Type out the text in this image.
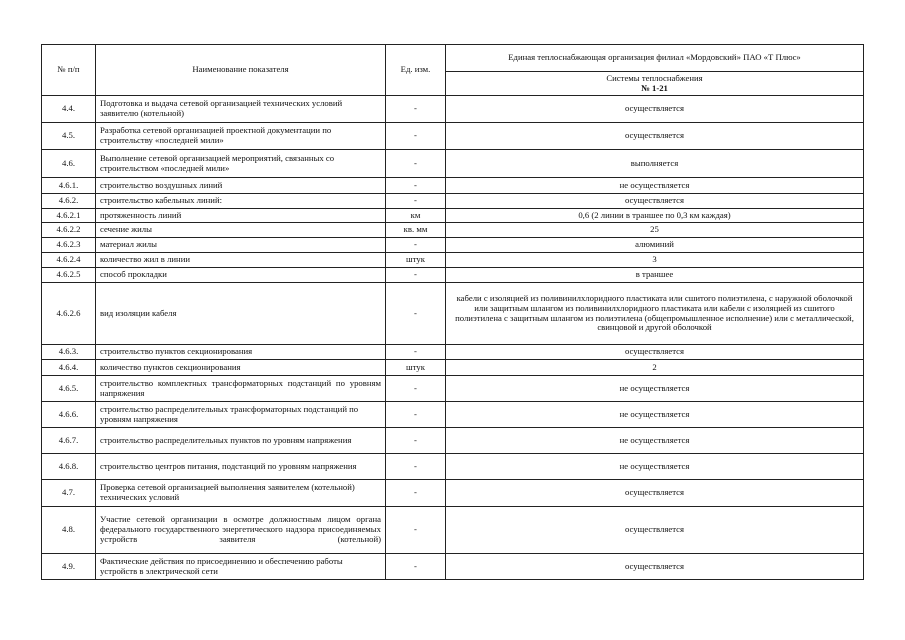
№ п/п	Наименование показателя	Ед. изм.	Единая теплоснабжающая организация филиал «Мордовский» ПАО «Т Плюс»
			Системы теплоснабжения
№ 1-21
4.4.	Подготовка и выдача сетевой организацией технических условий заявителю (котельной)	-	осуществляется
4.5.	Разработка сетевой организацией проектной документации по строительству «последней мили»	-	осуществляется
4.6.	Выполнение сетевой организацией мероприятий, связанных со строительством «последней мили»	-	выполняется
4.6.1.	строительство воздушных линий	-	не осуществляется
4.6.2.	строительство кабельных линий:	-	осуществляется
4.6.2.1	протяженность линий	км	0,6 (2 линии в траншее по 0,3 км каждая)
4.6.2.2	сечение жилы	кв. мм	25
4.6.2.3	материал жилы	-	алюминий
4.6.2.4	количество жил в линии	штук	3
4.6.2.5	способ прокладки	-	в траншее
4.6.2.6	вид изоляции кабеля	-	кабели с изоляцией из поливинилхлоридного пластиката или сшитого полиэтилена, с наружной оболочкой или защитным шлангом из поливинилхлоридного пластиката или кабели с изоляцией из сшитого полиэтилена с защитным шлангом из полиэтилена (общепромышленное исполнение) или с металлической, свинцовой и другой оболочкой
4.6.3.	строительство пунктов секционирования	-	осуществляется
4.6.4.	количество пунктов секционирования	штук	2
4.6.5.	строительство комплектных трансформаторных подстанций по уровням напряжения	-	не осуществляется
4.6.6.	строительство распределительных трансформаторных подстанций по уровням напряжения	-	не осуществляется
4.6.7.	строительство распределительных пунктов по уровням напряжения	-	не осуществляется
4.6.8.	строительство центров питания, подстанций по уровням напряжения	-	не осуществляется
4.7.	Проверка сетевой организацией выполнения заявителем (котельной) технических условий	-	осуществляется
4.8.	Участие сетевой организации в осмотре должностным лицом органа федерального государственного энергетического надзора присоединяемых устройств заявителя (котельной)	-	осуществляется
4.9.	Фактические действия по присоединению и обеспечению работы устройств в электрической сети	-	осуществляется
